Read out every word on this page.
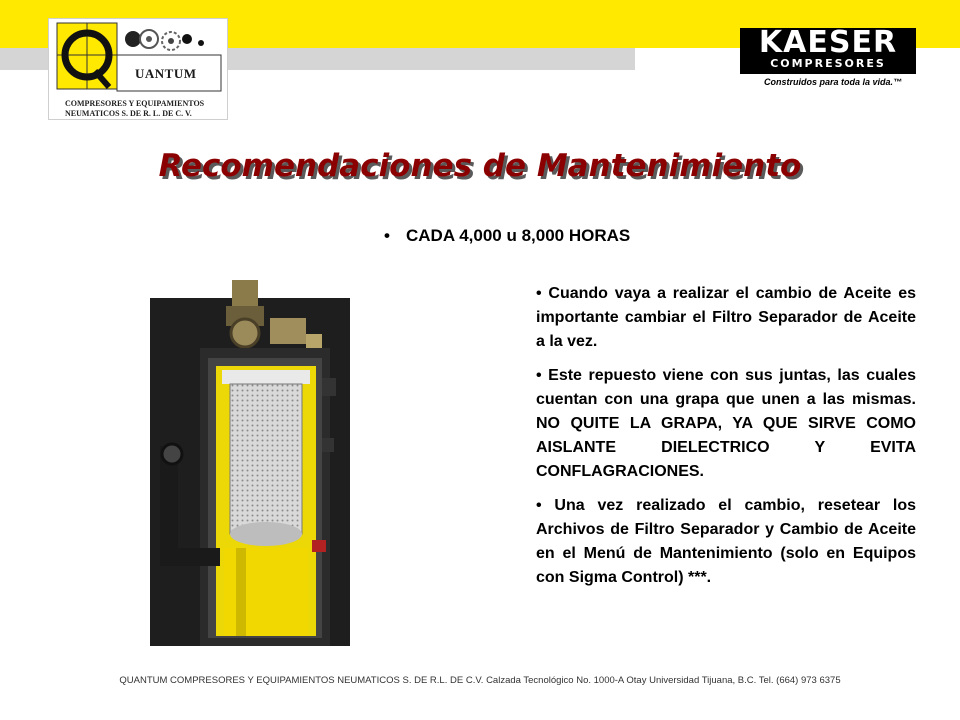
UANTUM
COMPRESORES Y EQUIPAMIENTOS
NEUMATICOS S. DE R. L. DE C. V.
KAESER
COMPRESORES
Construidos para toda la vida.™
Recomendaciones de Mantenimiento
• CADA 4,000 u 8,000 HORAS

• Cuando vaya a realizar el cambio de Aceite es importante cambiar el Filtro Separador de Aceite a la vez.

• Este repuesto viene con sus juntas, las cuales cuentan con una grapa que unen a las mismas. NO QUITE LA GRAPA, YA QUE SIRVE COMO AISLANTE DIELECTRICO Y EVITA CONFLAGRACIONES.

• Una vez realizado el cambio, resetear los Archivos de Filtro Separador y Cambio de Aceite en el Menú de Mantenimiento (solo en Equipos con Sigma Control) ***.

QUANTUM COMPRESORES Y EQUIPAMIENTOS NEUMATICOS S. DE R.L. DE C.V. Calzada Tecnológico No. 1000-A Otay Universidad Tijuana, B.C. Tel. (664) 973 6375
